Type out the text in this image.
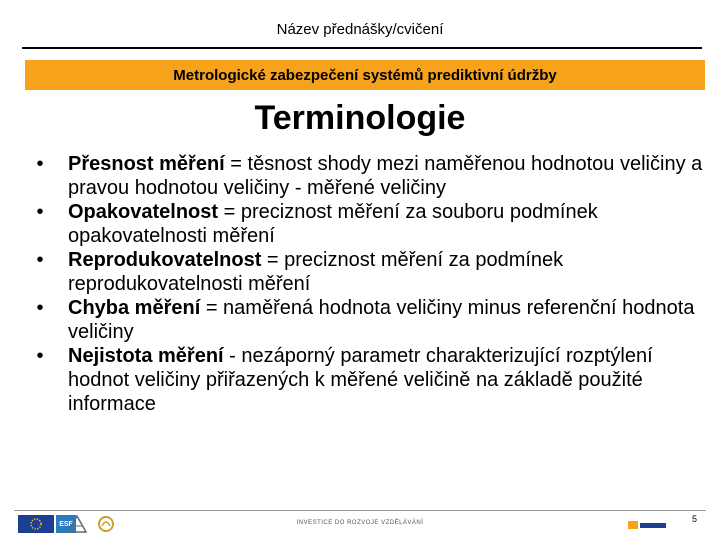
Název přednášky/cvičení
Metrologické zabezpečení systémů prediktivní údržby
Terminologie
•	Přesnost měření = těsnost shody mezi naměřenou hodnotou veličiny a pravou hodnotou veličiny - měřené veličiny
•	Opakovatelnost = preciznost měření za souboru podmínek opakovatelnosti měření
•	Reprodukovatelnost = preciznost měření za podmínek reprodukovatelnosti měření
•	Chyba měření = naměřená hodnota veličiny minus referenční hodnota veličiny
•	Nejistota měření - nezáporný parametr charakterizující rozptýlení hodnot veličiny přiřazených k měřené veličině na základě použité informace
ESF	INVESTICE DO ROZVOJE VZDĚLÁVÁNÍ	5
